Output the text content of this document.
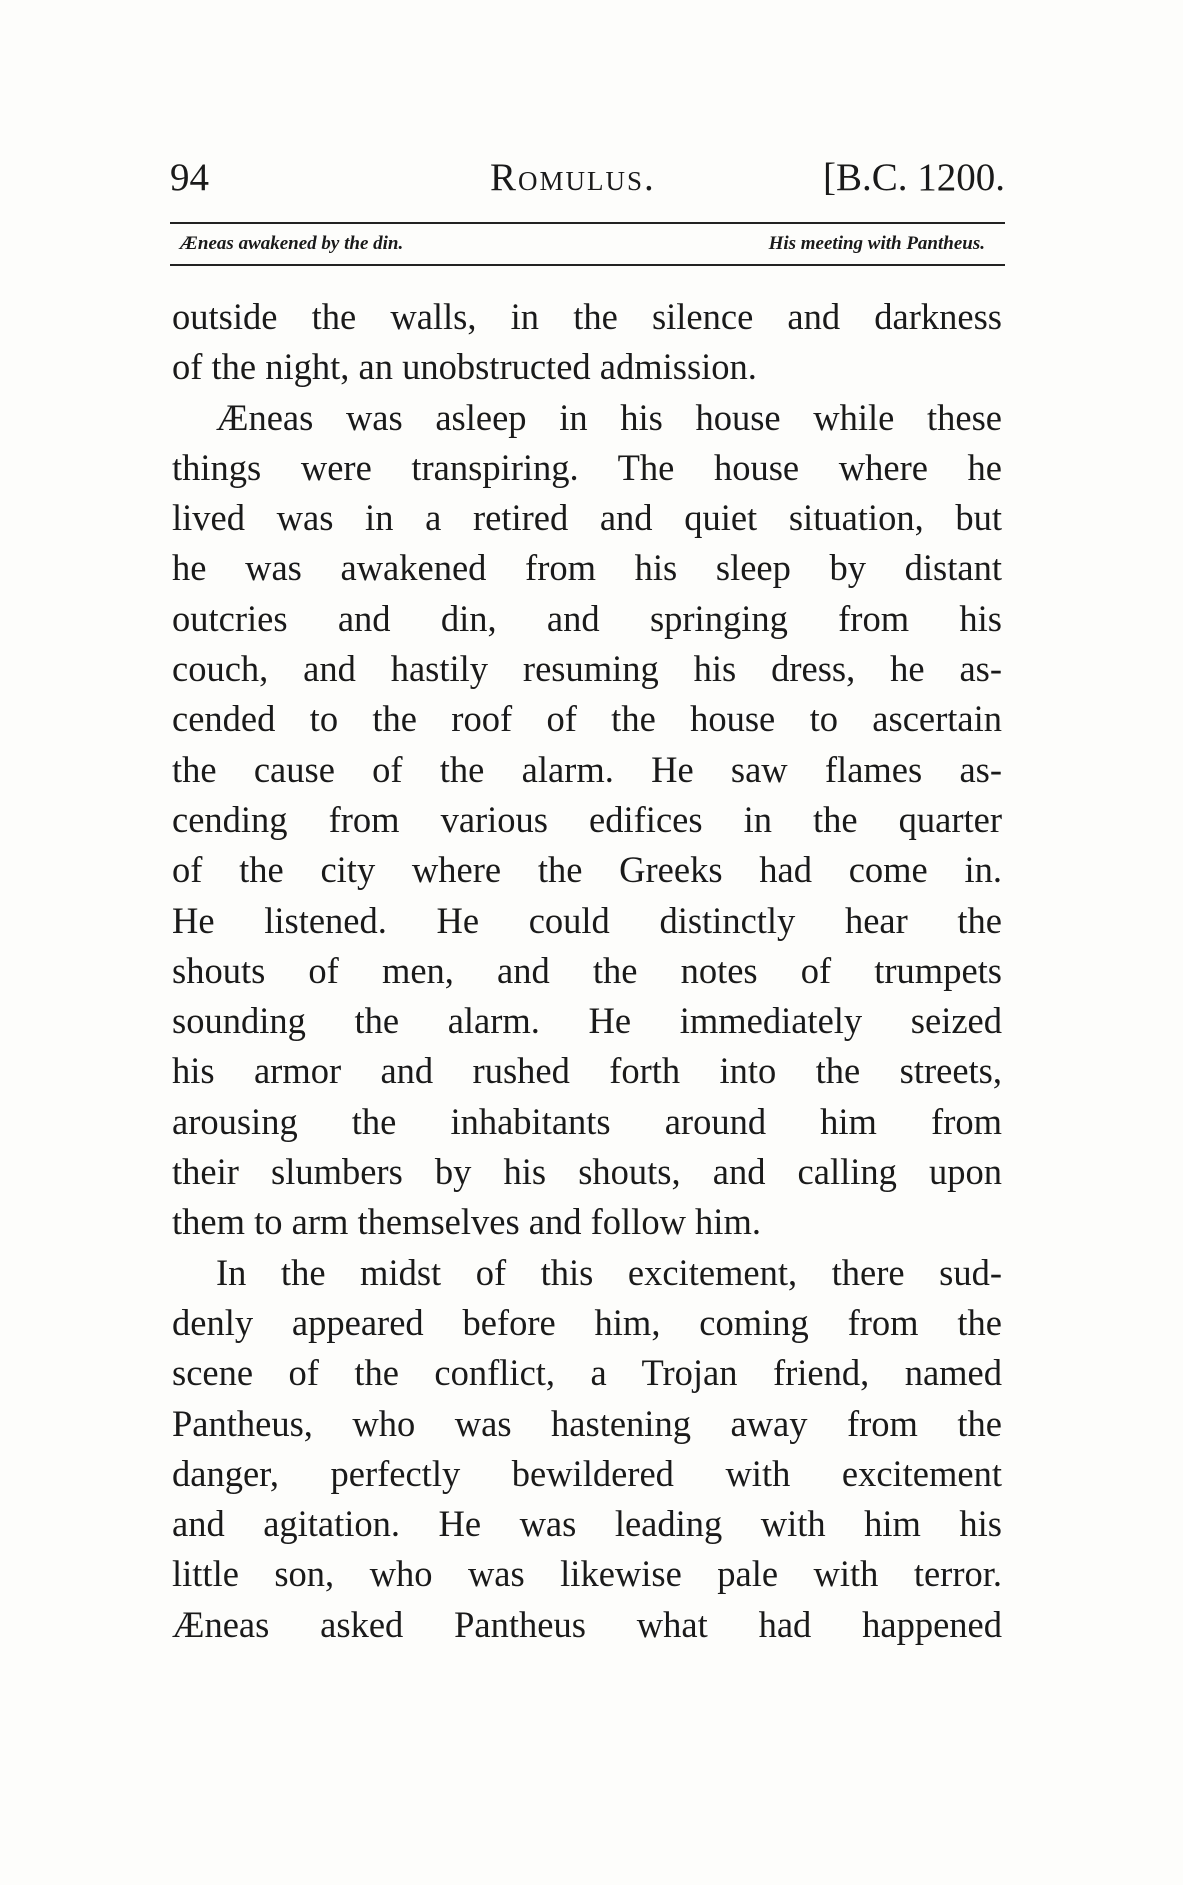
94	Romulus.	[B.C. 1200.
Æneas awakened by the din.	His meeting with Pantheus.

outside the walls, in the silence and darkness
of the night, an unobstructed admission.

Æneas was asleep in his house while these
things were transpiring. The house where he
lived was in a retired and quiet situation, but
he was awakened from his sleep by distant
outcries and din, and springing from his
couch, and hastily resuming his dress, he as-
cended to the roof of the house to ascertain
the cause of the alarm. He saw flames as-
cending from various edifices in the quarter
of the city where the Greeks had come in.
He listened. He could distinctly hear the
shouts of men, and the notes of trumpets
sounding the alarm. He immediately seized
his armor and rushed forth into the streets,
arousing the inhabitants around him from
their slumbers by his shouts, and calling upon
them to arm themselves and follow him.

In the midst of this excitement, there sud-
denly appeared before him, coming from the
scene of the conflict, a Trojan friend, named
Pantheus, who was hastening away from the
danger, perfectly bewildered with excitement
and agitation. He was leading with him his
little son, who was likewise pale with terror.
Æneas asked Pantheus what had happened
